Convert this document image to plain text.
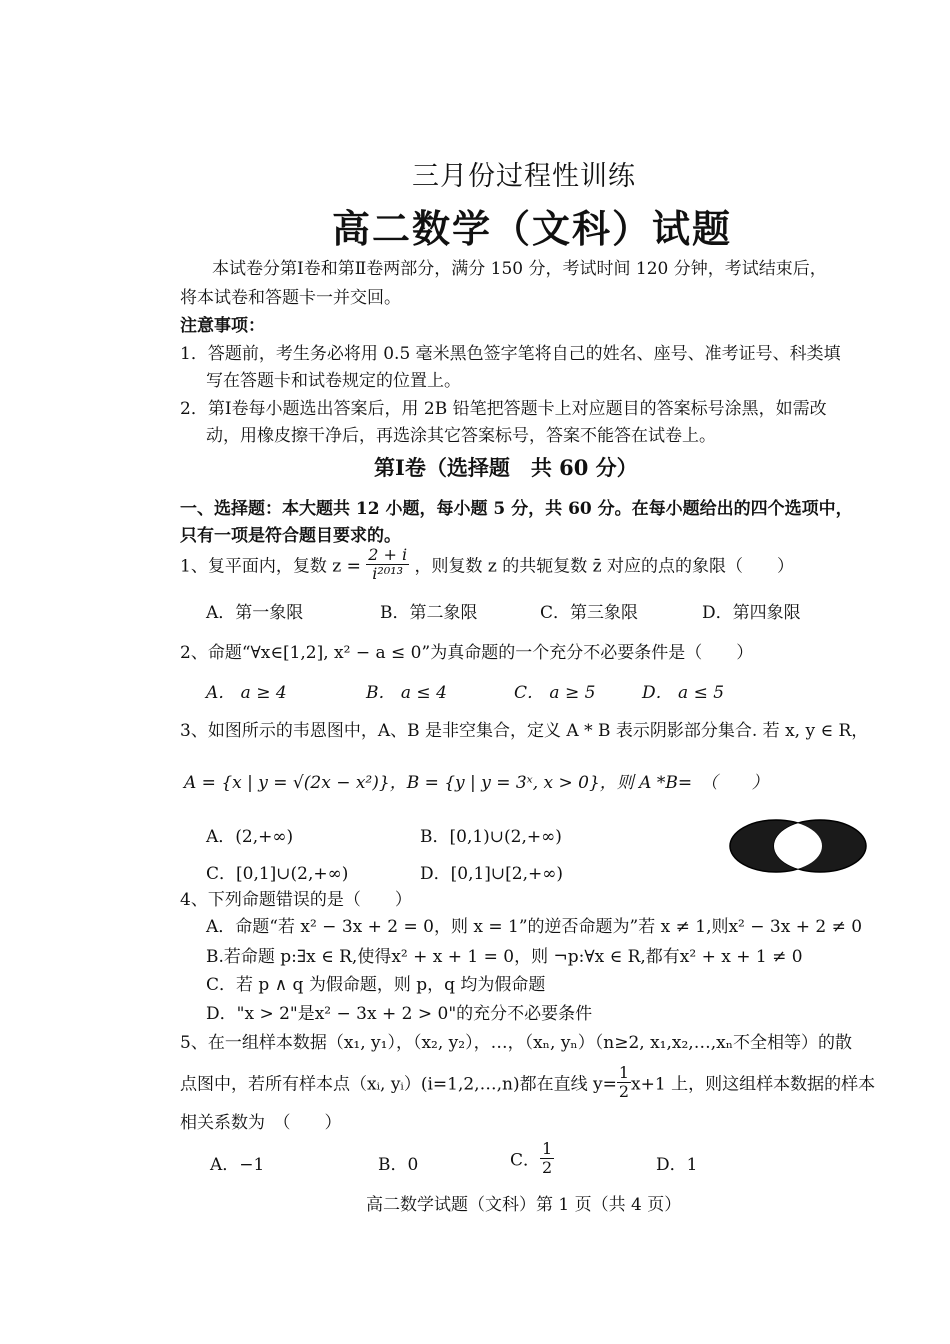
三月份过程性训练
高二数学（文科）试题
本试卷分第Ⅰ卷和第Ⅱ卷两部分，满分 150 分，考试时间 120 分钟，考试结束后，
将本试卷和答题卡一并交回。
注意事项：
1．答题前，考生务必将用 0.5 毫米黑色签字笔将自己的姓名、座号、准考证号、科类填
写在答题卡和试卷规定的位置上。
2．第Ⅰ卷每小题选出答案后，用 2B 铅笔把答题卡上对应题目的答案标号涂黑，如需改
动，用橡皮擦干净后，再选涂其它答案标号，答案不能答在试卷上。
第Ⅰ卷（选择题　共 60 分）
一、选择题：本大题共 12 小题，每小题 5 分，共 60 分。在每小题给出的四个选项中，
只有一项是符合题目要求的。
1、复平面内，复数 $z = \frac{2 + i}{\text{i²⁰¹³}}$ ，则复数 z 的共轭复数 z̄ 对应的点的象限（　　）
A．第一象限	B．第二象限	C．第三象限	D．第四象限
2、命题“∀x∈[1,2], x² − a ≤ 0”为真命题的一个充分不必要条件是（　　）
A． a ≥ 4	B． a ≤ 4	C． a ≥ 5	D． a ≤ 5
3、如图所示的韦恩图中，A、B 是非空集合，定义 A * B 表示阴影部分集合. 若 x, y ∈ R，
A = {x | y = √(2x − x²)}，B = {y | y = 3ˣ, x > 0}，则 A *B=　（　　）
A．(2,+∞)	B．[0,1)∪(2,+∞)
C．[0,1]∪(2,+∞)	D．[0,1]∪[2,+∞)
4、下列命题错误的是（　　）
A．命题“若 x² − 3x + 2 = 0，则 x = 1”的逆否命题为”若 x ≠ 1,则x² − 3x + 2 ≠ 0
B.若命题 p:∃x ∈ R,使得x² + x + 1 = 0，则 ¬p:∀x ∈ R,都有x² + x + 1 ≠ 0
C．若 p ∧ q 为假命题，则 p，q 均为假命题
D．"x > 2"是x² − 3x + 2 > 0"的充分不必要条件
5、在一组样本数据（x₁, y₁），（x₂, y₂），…，（xₙ, yₙ）（n≥2, x₁,x₂,…,xₙ不全相等）的散
点图中，若所有样本点（xᵢ, yᵢ）(i=1,2,…,n)都在直线 $y= \frac{1}{2} x+1$ 上，则这组样本数据的样本
相关系数为　（　　）
A．−1	B．0	C． $\frac{1}{2}$	D．1
高二数学试题（文科）第 1 页（共 4 页）
